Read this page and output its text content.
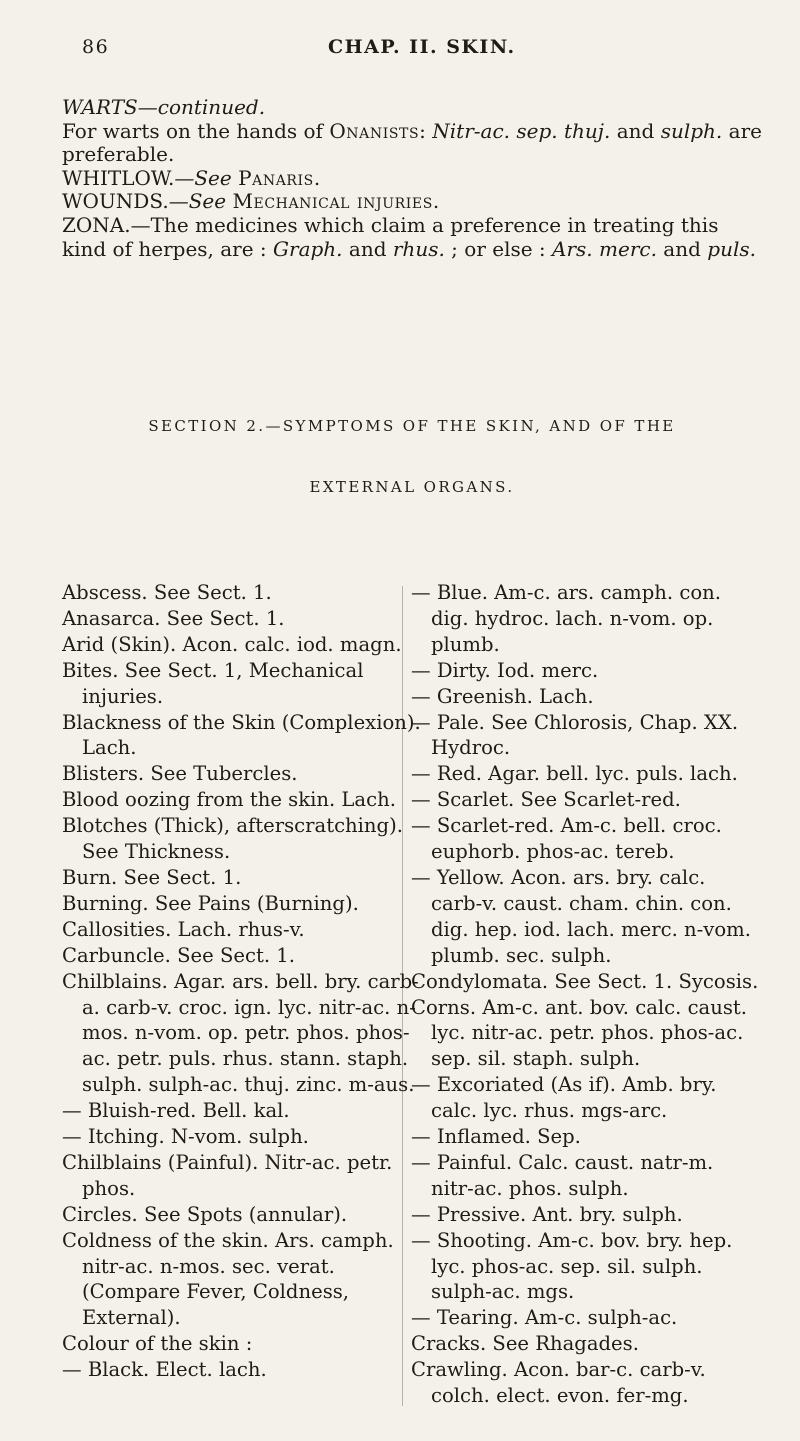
86	CHAP. II. SKIN.

WARTS—continued.
For warts on the hands of Onanists: Nitr-ac. sep. thuj. and sulph. are preferable.

WHITLOW.—See Panaris.

WOUNDS.—See Mechanical injuries.

ZONA.—The medicines which claim a preference in treating this kind of herpes, are : Graph. and rhus. ; or else : Ars. merc. and puls.

SECTION 2.—SYMPTOMS OF THE SKIN, AND OF THE
EXTERNAL ORGANS.

Abscess. See Sect. 1.

Anasarca. See Sect. 1.

Arid (Skin). Acon. calc. iod. magn.

Bites. See Sect. 1, Mechanical injuries.

Blackness of the Skin (Complexion). Lach.

Blisters. See Tubercles.

Blood oozing from the skin. Lach.

Blotches (Thick), afterscratching). See Thickness.

Burn. See Sect. 1.

Burning. See Pains (Burning).

Callosities. Lach. rhus-v.

Carbuncle. See Sect. 1.

Chilblains. Agar. ars. bell. bry. carb-a. carb-v. croc. ign. lyc. nitr-ac. n-mos. n-vom. op. petr. phos. phos-ac. petr. puls. rhus. stann. staph. sulph. sulph-ac. thuj. zinc. m-aus.

— Bluish-red. Bell. kal.

— Itching. N-vom. sulph.

Chilblains (Painful). Nitr-ac. petr. phos.

Circles. See Spots (annular).

Coldness of the skin. Ars. camph. nitr-ac. n-mos. sec. verat. (Compare Fever, Coldness, External).

Colour of the skin :

— Black. Elect. lach.

— Blue. Am-c. ars. camph. con. dig. hydroc. lach. n-vom. op. plumb.

— Dirty. Iod. merc.

— Greenish. Lach.

— Pale. See Chlorosis, Chap. XX. Hydroc.

— Red. Agar. bell. lyc. puls. lach.

— Scarlet. See Scarlet-red.

— Scarlet-red. Am-c. bell. croc. euphorb. phos-ac. tereb.

— Yellow. Acon. ars. bry. calc. carb-v. caust. cham. chin. con. dig. hep. iod. lach. merc. n-vom. plumb. sec. sulph.

Condylomata. See Sect. 1. Sycosis.

Corns. Am-c. ant. bov. calc. caust. lyc. nitr-ac. petr. phos. phos-ac. sep. sil. staph. sulph.

— Excoriated (As if). Amb. bry. calc. lyc. rhus. mgs-arc.

— Inflamed. Sep.

— Painful. Calc. caust. natr-m. nitr-ac. phos. sulph.

— Pressive. Ant. bry. sulph.

— Shooting. Am-c. bov. bry. hep. lyc. phos-ac. sep. sil. sulph. sulph-ac. mgs.

— Tearing. Am-c. sulph-ac.

Cracks. See Rhagades.

Crawling. Acon. bar-c. carb-v. colch. elect. evon. fer-mg.
